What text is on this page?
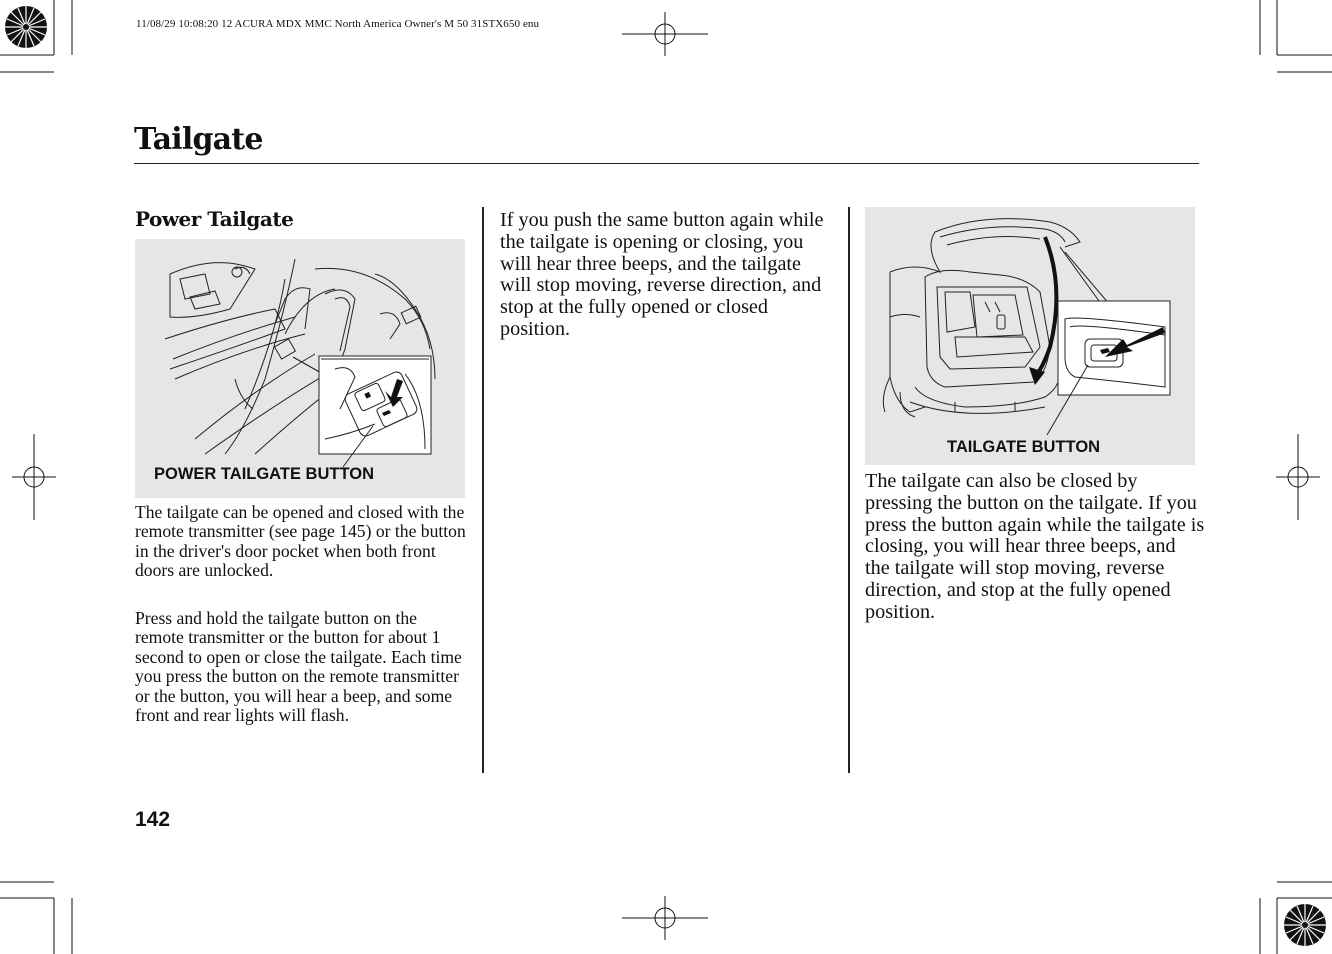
11/08/29 10:08:20 12 ACURA MDX MMC North America Owner's M 50 31STX650 enu
Tailgate
Power Tailgate
POWER TAILGATE BUTTON
TAILGATE BUTTON

The tailgate can be opened and closed with the remote transmitter (see page 145) or the button in the driver's door pocket when both front doors are unlocked.

Press and hold the tailgate button on the remote transmitter or the button for about 1 second to open or close the tailgate. Each time you press the button on the remote transmitter or the button, you will hear a beep, and some front and rear lights will flash.

If you push the same button again while the tailgate is opening or closing, you will hear three beeps, and the tailgate will stop moving, reverse direction, and stop at the fully opened or closed position.

The tailgate can also be closed by pressing the button on the tailgate. If you press the button again while the tailgate is closing, you will hear three beeps, and the tailgate will stop moving, reverse direction, and stop at the fully opened position.

142
